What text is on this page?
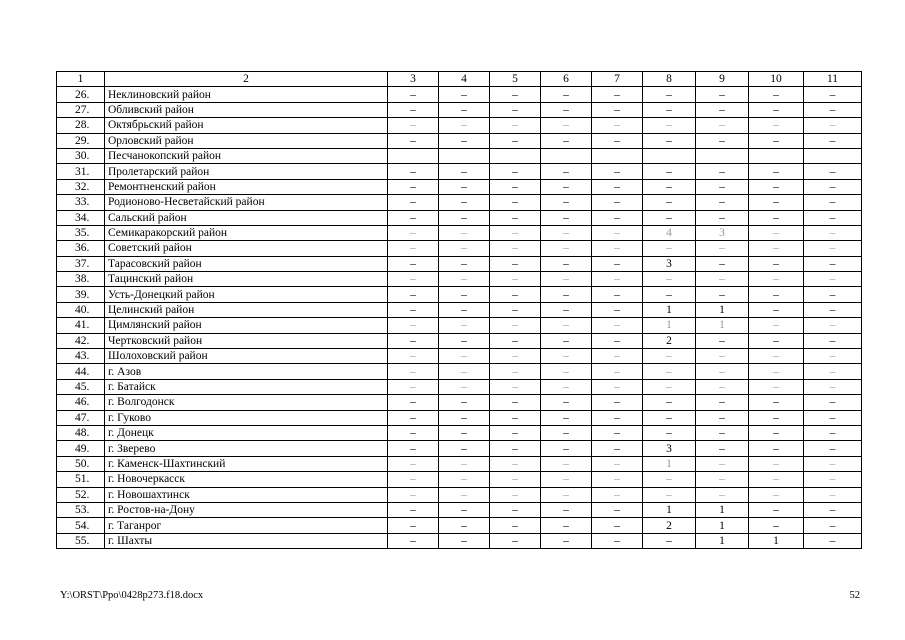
1	2	3	4	5	6	7	8	9	10	11
26.	Неклиновский район	–	–	–	–	–	–	–	–	–
27.	Обливский район	–	–	–	–	–	–	–	–	–
28.	Октябрьский район	–	–	–	–	–	–	–	–	–
29.	Орловский район	–	–	–	–	–	–	–	–	–
30.	Песчанокопский район									
31.	Пролетарский район	–	–	–	–	–	–	–	–	–
32.	Ремонтненский район	–	–	–	–	–	–	–	–	–
33.	Родионово-Несветайский район	–	–	–	–	–	–	–	–	–
34.	Сальский район	–	–	–	–	–	–	–	–	–
35.	Семикаракорский район	–	–	–	–	–	4	3	–	–
36.	Советский район	–	–	–	–	–	–	–	–	–
37.	Тарасовский район	–	–	–	–	–	3	–	–	–
38.	Тацинский район	–	–	–	–	–	–	–	–	–
39.	Усть-Донецкий район	–	–	–	–	–	–	–	–	–
40.	Целинский район	–	–	–	–	–	1	1	–	–
41.	Цимлянский район	–	–	–	–	–	1	1	–	–
42.	Чертковский район	–	–	–	–	–	2	–	–	–
43.	Шолоховский район	–	–	–	–	–	–	–	–	–
44.	г. Азов	–	–	–	–	–	–	–	–	–
45.	г. Батайск	–	–	–	–	–	–	–	–	–
46.	г. Волгодонск	–	–	–	–	–	–	–	–	–
47.	г. Гуково	–	–	–	–	–	–	–	–	–
48.	г. Донецк	–	–	–	–	–	–	–	–	–
49.	г. Зверево	–	–	–	–	–	3	–	–	–
50.	г. Каменск-Шахтинский	–	–	–	–	–	1	–	–	–
51.	г. Новочеркасск	–	–	–	–	–	–	–	–	–
52.	г. Новошахтинск	–	–	–	–	–	–	–	–	–
53.	г. Ростов-на-Дону	–	–	–	–	–	1	1	–	–
54.	г. Таганрог	–	–	–	–	–	2	1	–	–
55.	г. Шахты	–	–	–	–	–	–	1	1	–
Y:\ORST\Ppo\0428p273.f18.docx	52
